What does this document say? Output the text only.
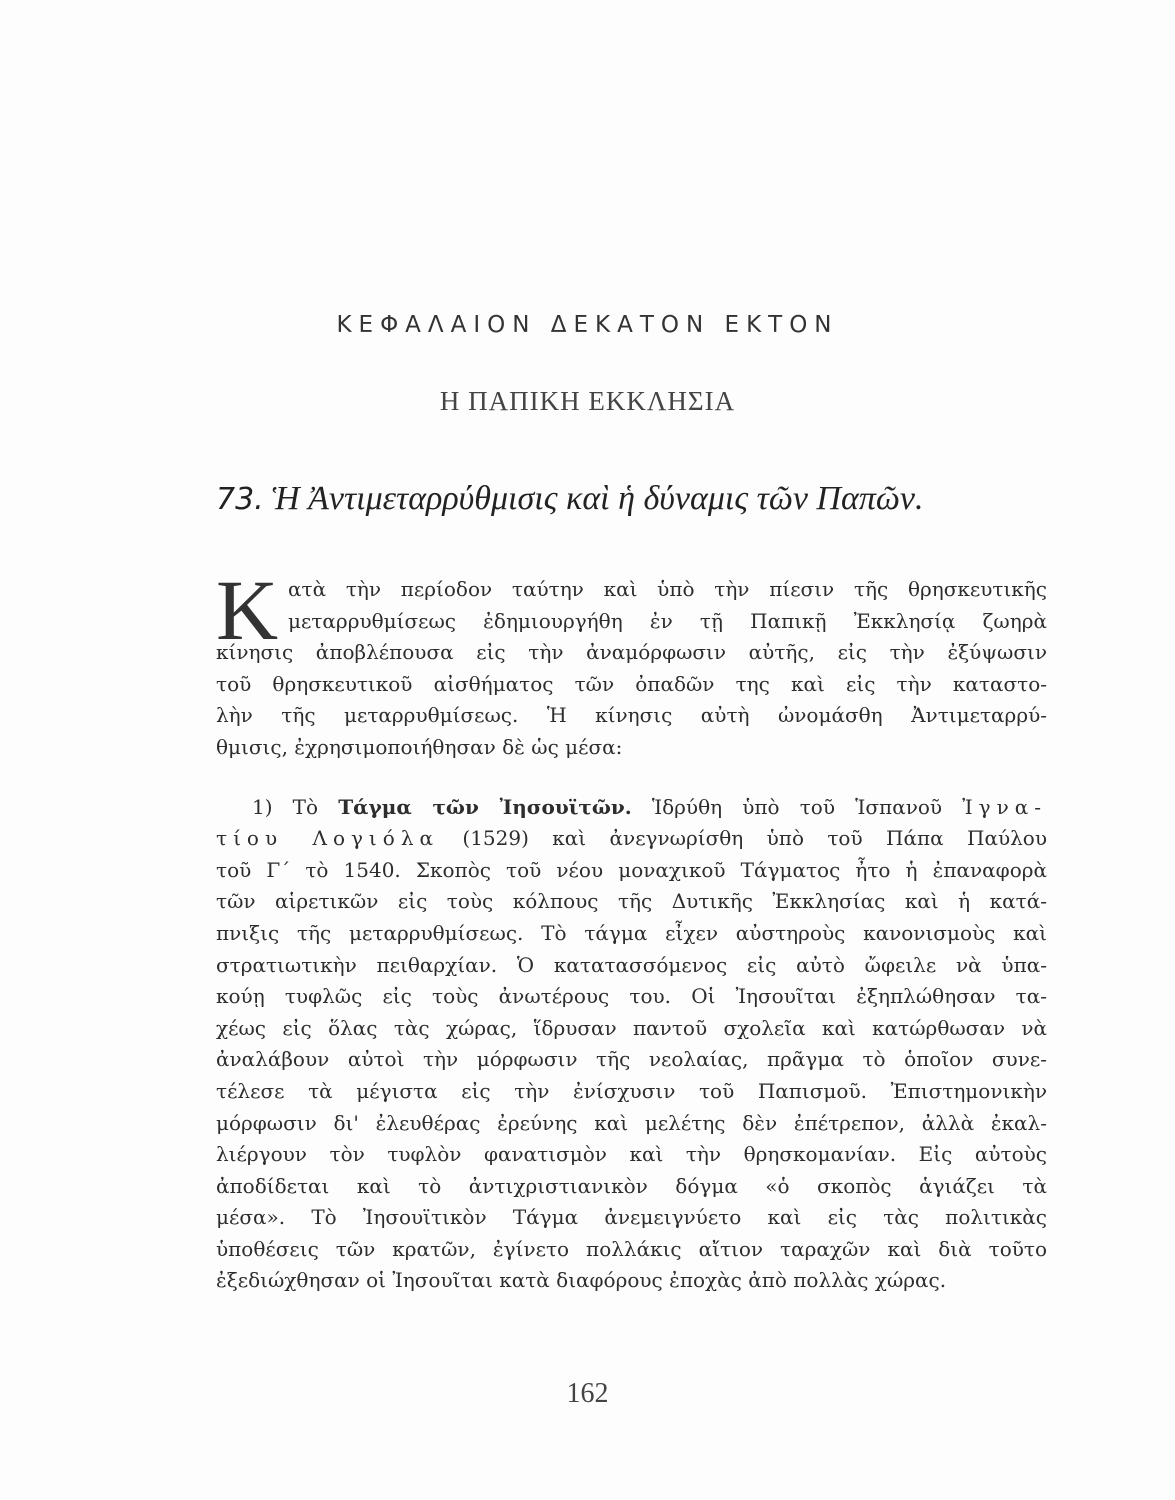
ΚΕΦΑΛΑΙΟΝ ΔΕΚΑΤΟΝ ΕΚΤΟΝ
Η ΠΑΠΙΚΗ ΕΚΚΛΗΣΙΑ
73. Ἡ Ἀντιμεταρρύθμισις καὶ ἡ δύναμις τῶν Παπῶν.
Κ ατὰ τὴν περίοδον ταύτην καὶ ὑπὸ τὴν πίεσιν τῆς θρησκευτικῆς
μεταρρυθμίσεως ἐδημιουργήθη ἐν τῇ Παπικῇ Ἐκκλησίᾳ ζωηρὰ
κίνησις ἀποβλέπουσα εἰς τὴν ἀναμόρφωσιν αὐτῆς, εἰς τὴν ἐξύψωσιν
τοῦ θρησκευτικοῦ αἰσθήματος τῶν ὀπαδῶν της καὶ εἰς τὴν καταστο-
λὴν τῆς μεταρρυθμίσεως. Ἡ κίνησις αὐτὴ ὠνομάσθη Ἀντιμεταρρύ-
θμισις, ἐχρησιμοποιήθησαν δὲ ὡς μέσα:
1) Τὸ Τάγμα τῶν Ἰησουϊτῶν. Ἱδρύθη ὑπὸ τοῦ Ἱσπανοῦ Ἰγνα-
τίου Λογιόλα (1529) καὶ ἀνεγνωρίσθη ὑπὸ τοῦ Πάπα Παύλου
τοῦ Γ΄ τὸ 1540. Σκοπὸς τοῦ νέου μοναχικοῦ Τάγματος ἦτο ἡ ἐπαναφορὰ
τῶν αἱρετικῶν εἰς τοὺς κόλπους τῆς Δυτικῆς Ἐκκλησίας καὶ ἡ κατά-
πνιξις τῆς μεταρρυθμίσεως. Τὸ τάγμα εἶχεν αὐστηροὺς κανονισμοὺς καὶ
στρατιωτικὴν πειθαρχίαν. Ὁ κατατασσόμενος εἰς αὐτὸ ὤφειλε νὰ ὑπα-
κούῃ τυφλῶς εἰς τοὺς ἀνωτέρους του. Οἱ Ἰησουῖται ἐξηπλώθησαν τα-
χέως εἰς ὅλας τὰς χώρας, ἵδρυσαν παντοῦ σχολεῖα καὶ κατώρθωσαν νὰ
ἀναλάβουν αὐτοὶ τὴν μόρφωσιν τῆς νεολαίας, πρᾶγμα τὸ ὁποῖον συνε-
τέλεσε τὰ μέγιστα εἰς τὴν ἐνίσχυσιν τοῦ Παπισμοῦ. Ἐπιστημονικὴν
μόρφωσιν δι' ἐλευθέρας ἐρεύνης καὶ μελέτης δὲν ἐπέτρεπον, ἀλλὰ ἐκαλ-
λιέργουν τὸν τυφλὸν φανατισμὸν καὶ τὴν θρησκομανίαν. Εἰς αὐτοὺς
ἀποδίδεται καὶ τὸ ἀντιχριστιανικὸν δόγμα «ὁ σκοπὸς ἁγιάζει τὰ
μέσα». Τὸ Ἰησουϊτικὸν Τάγμα ἀνεμειγνύετο καὶ εἰς τὰς πολιτικὰς
ὑποθέσεις τῶν κρατῶν, ἐγίνετο πολλάκις αἴτιον ταραχῶν καὶ διὰ τοῦτο
ἐξεδιώχθησαν οἱ Ἰησουῖται κατὰ διαφόρους ἐποχὰς ἀπὸ πολλὰς χώρας.
162
